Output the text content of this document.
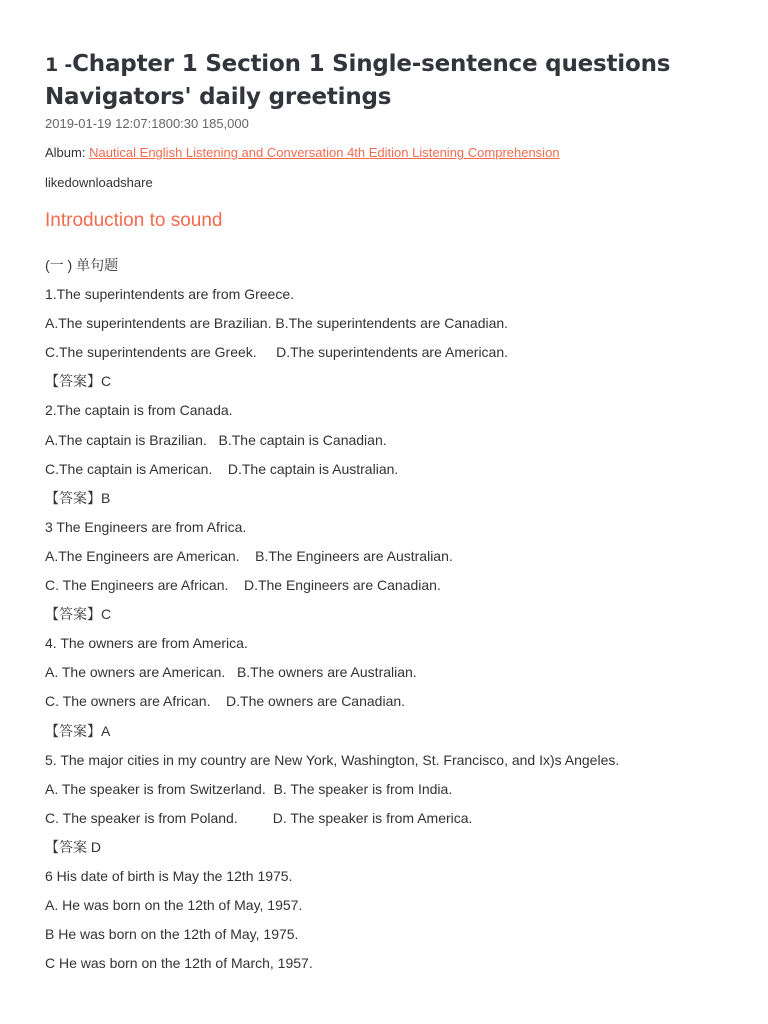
1 -Chapter 1 Section 1 Single-sentence questions Navigators' daily greetings
2019-01-19 12:07:1800:30 185,000
Album: Nautical English Listening and Conversation 4th Edition Listening Comprehension
likedownloadshare
Introduction to sound

(一 ) 单句题

1.The superintendents are from Greece.

A.The superintendents are Brazilian. B.The superintendents are Canadian.

C.The superintendents are Greek.     D.The superintendents are American.

【答案】C

2.The captain is from Canada.

A.The captain is Brazilian.   B.The captain is Canadian.

C.The captain is American.    D.The captain is Australian.

【答案】B

3 The Engineers are from Africa.

A.The Engineers are American.    B.The Engineers are Australian.

C. The Engineers are African.    D.The Engineers are Canadian.

【答案】C

4. The owners are from America.

A. The owners are American.   B.The owners are Australian.

C. The owners are African.    D.The owners are Canadian.

【答案】A

5. The major cities in my country are New York, Washington, St. Francisco, and Ix)s Angeles.

A. The speaker is from Switzerland.  B. The speaker is from India.

C. The speaker is from Poland.         D. The speaker is from America.

【答案 D

6 His date of birth is May the 12th 1975.

A. He was born on the 12th of May, 1957.

B He was born on the 12th of May, 1975.

C He was born on the 12th of March, 1957.
